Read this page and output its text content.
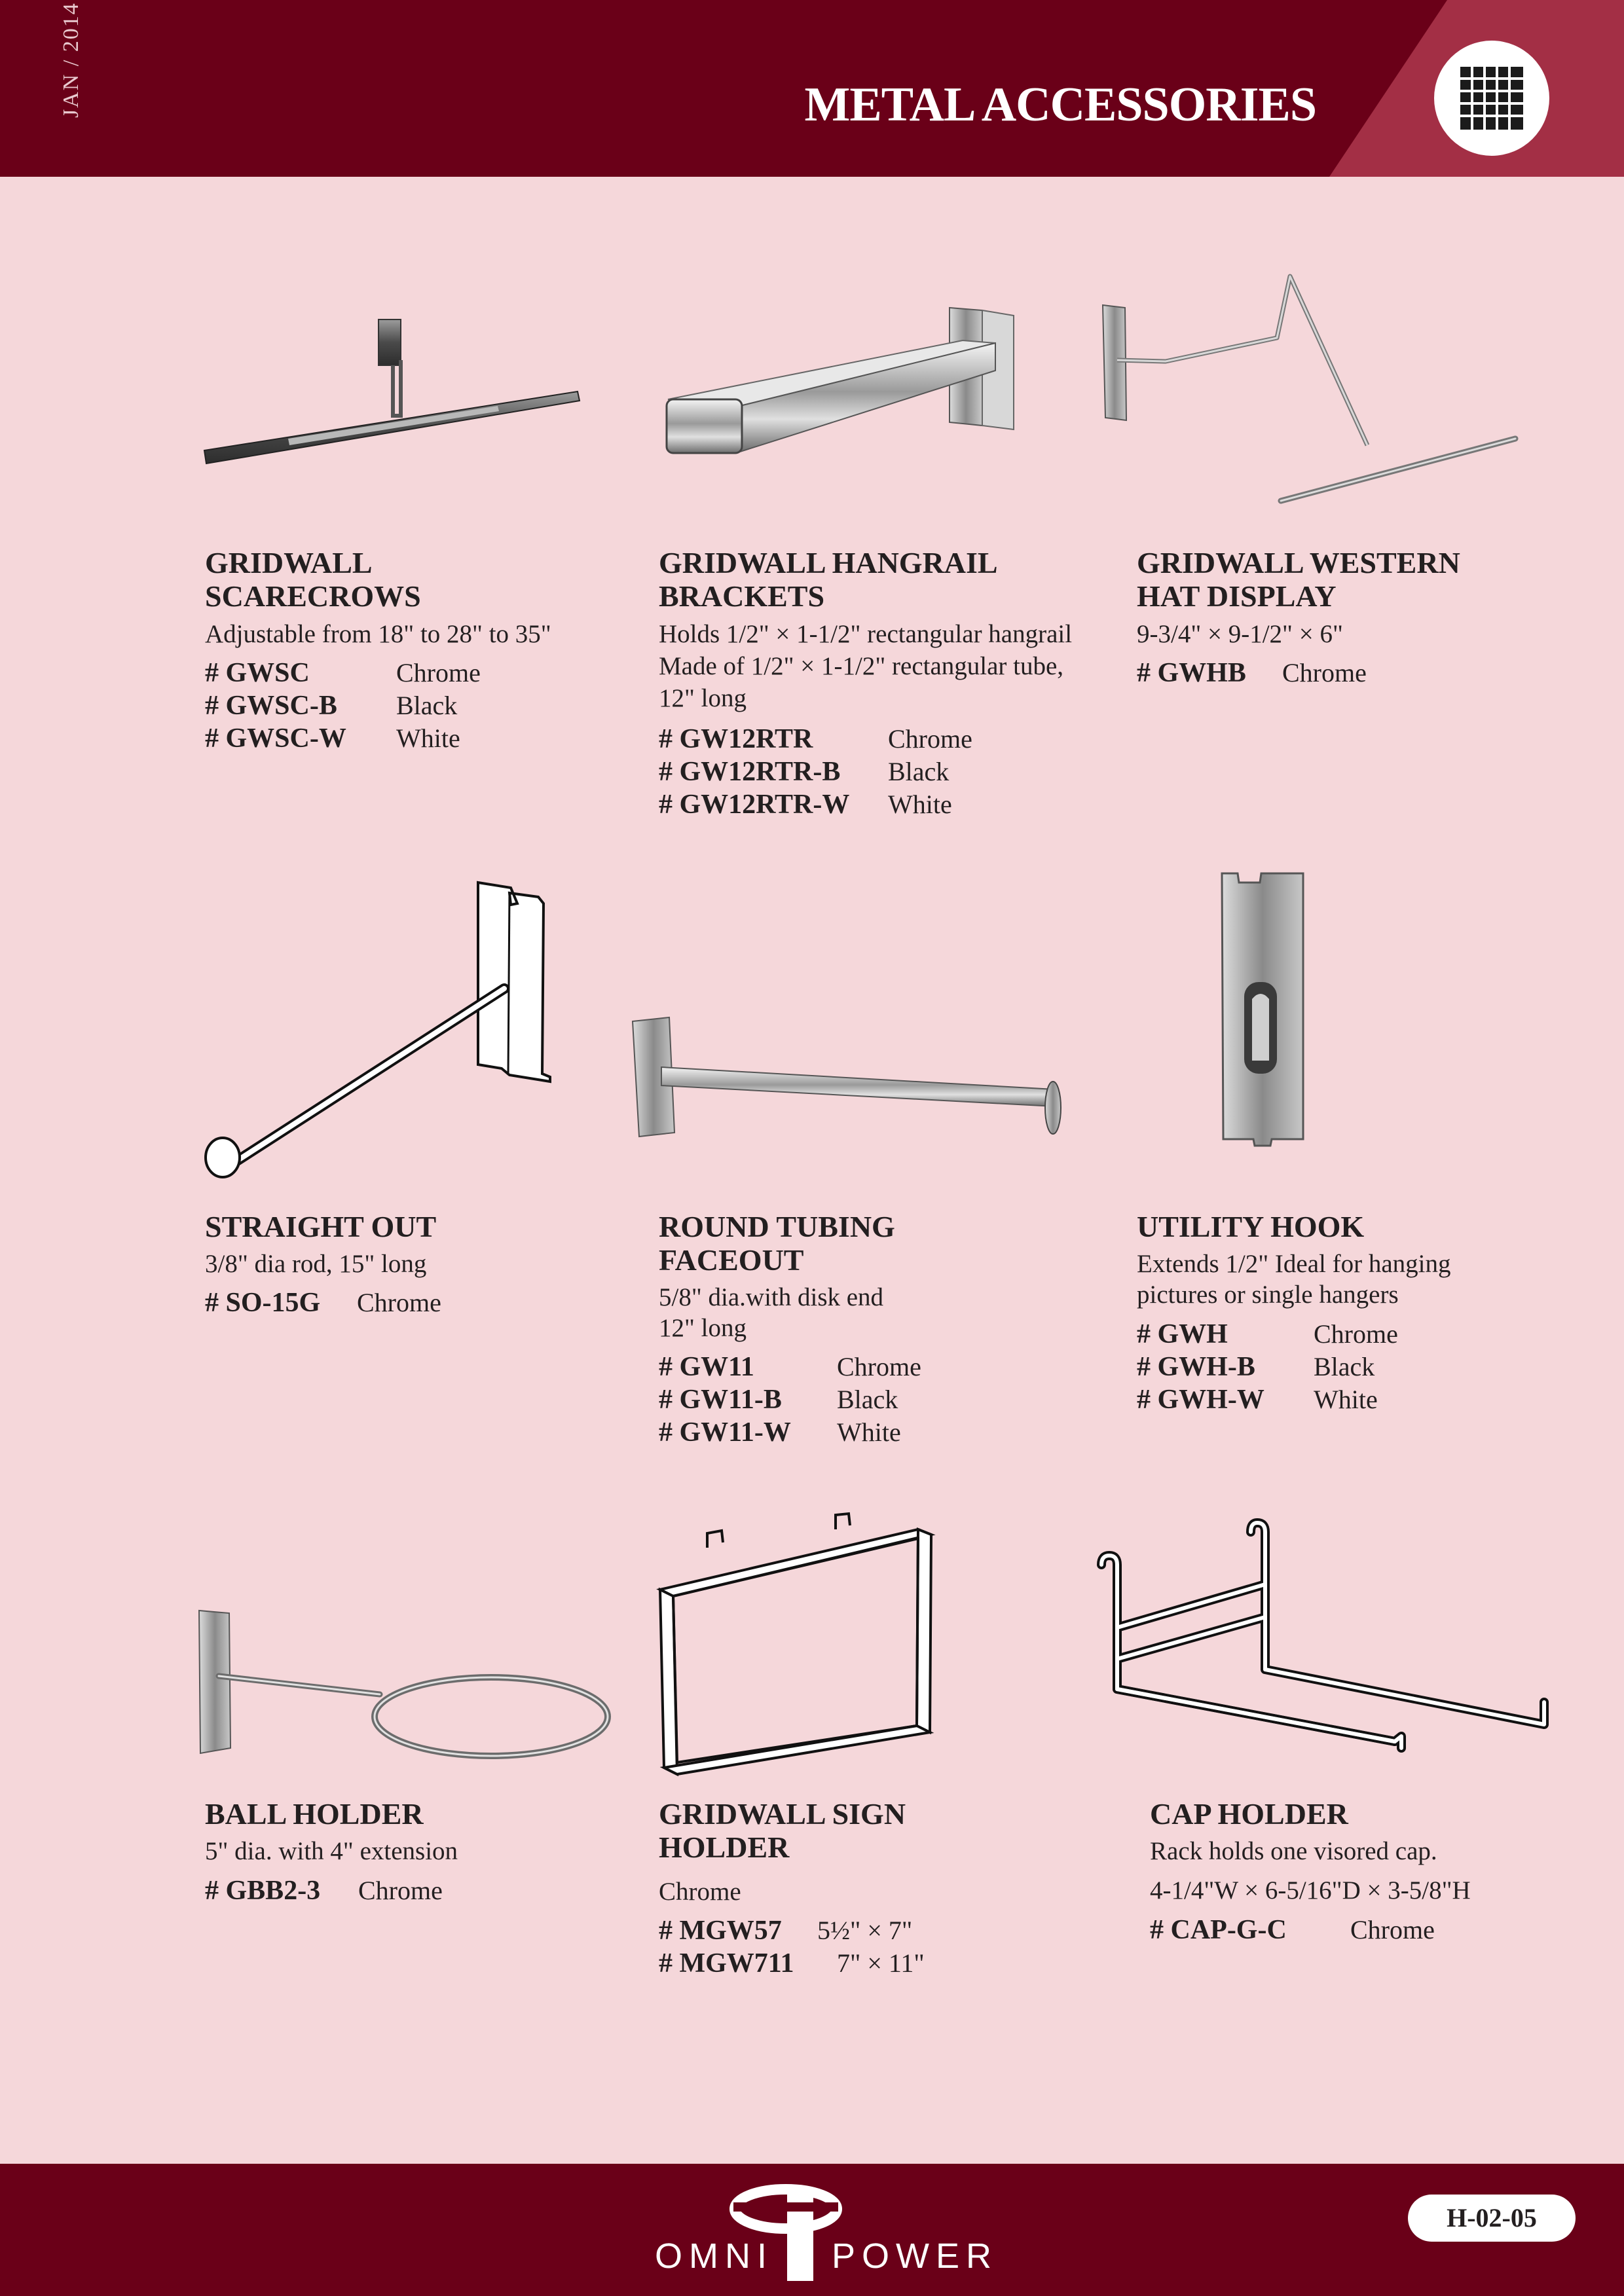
JAN / 2014	METAL ACCESSORIES
GRIDWALL
SCARECROWS
Adjustable from 18" to 28" to 35"
# GWSC	Chrome
# GWSC-B Black
# GWSC-W White
GRIDWALL HANGRAIL
BRACKETS
Holds 1/2" × 1-1/2" rectangular hangrail
Made of 1/2" × 1-1/2" rectangular tube,
12" long
# GW12RTR	Chrome
# GW12RTR-B Black
# GW12RTR-W White
GRIDWALL WESTERN
HAT DISPLAY
9-3/4" × 9-1/2" × 6"
# GWHB Chrome
STRAIGHT OUT
3/8" dia rod, 15" long
# SO-15G Chrome
ROUND TUBING
FACEOUT
5/8" dia.with disk end
12" long
# GW11	Chrome
# GW11-B Black
# GW11-W White
UTILITY HOOK
Extends 1/2" Ideal for hanging
pictures or single hangers
# GWH	Chrome
# GWH-B Black
# GWH-W White
BALL HOLDER
5" dia. with 4" extension
# GBB2-3 Chrome
GRIDWALL SIGN
HOLDER
Chrome
# MGW57 5½" × 7"
# MGW711 7" × 11"
CAP HOLDER
Rack holds one visored cap.
4-1/4"W × 6-5/16"D × 3-5/8"H
# CAP-G-C Chrome
OMNI POWER
H-02-05
